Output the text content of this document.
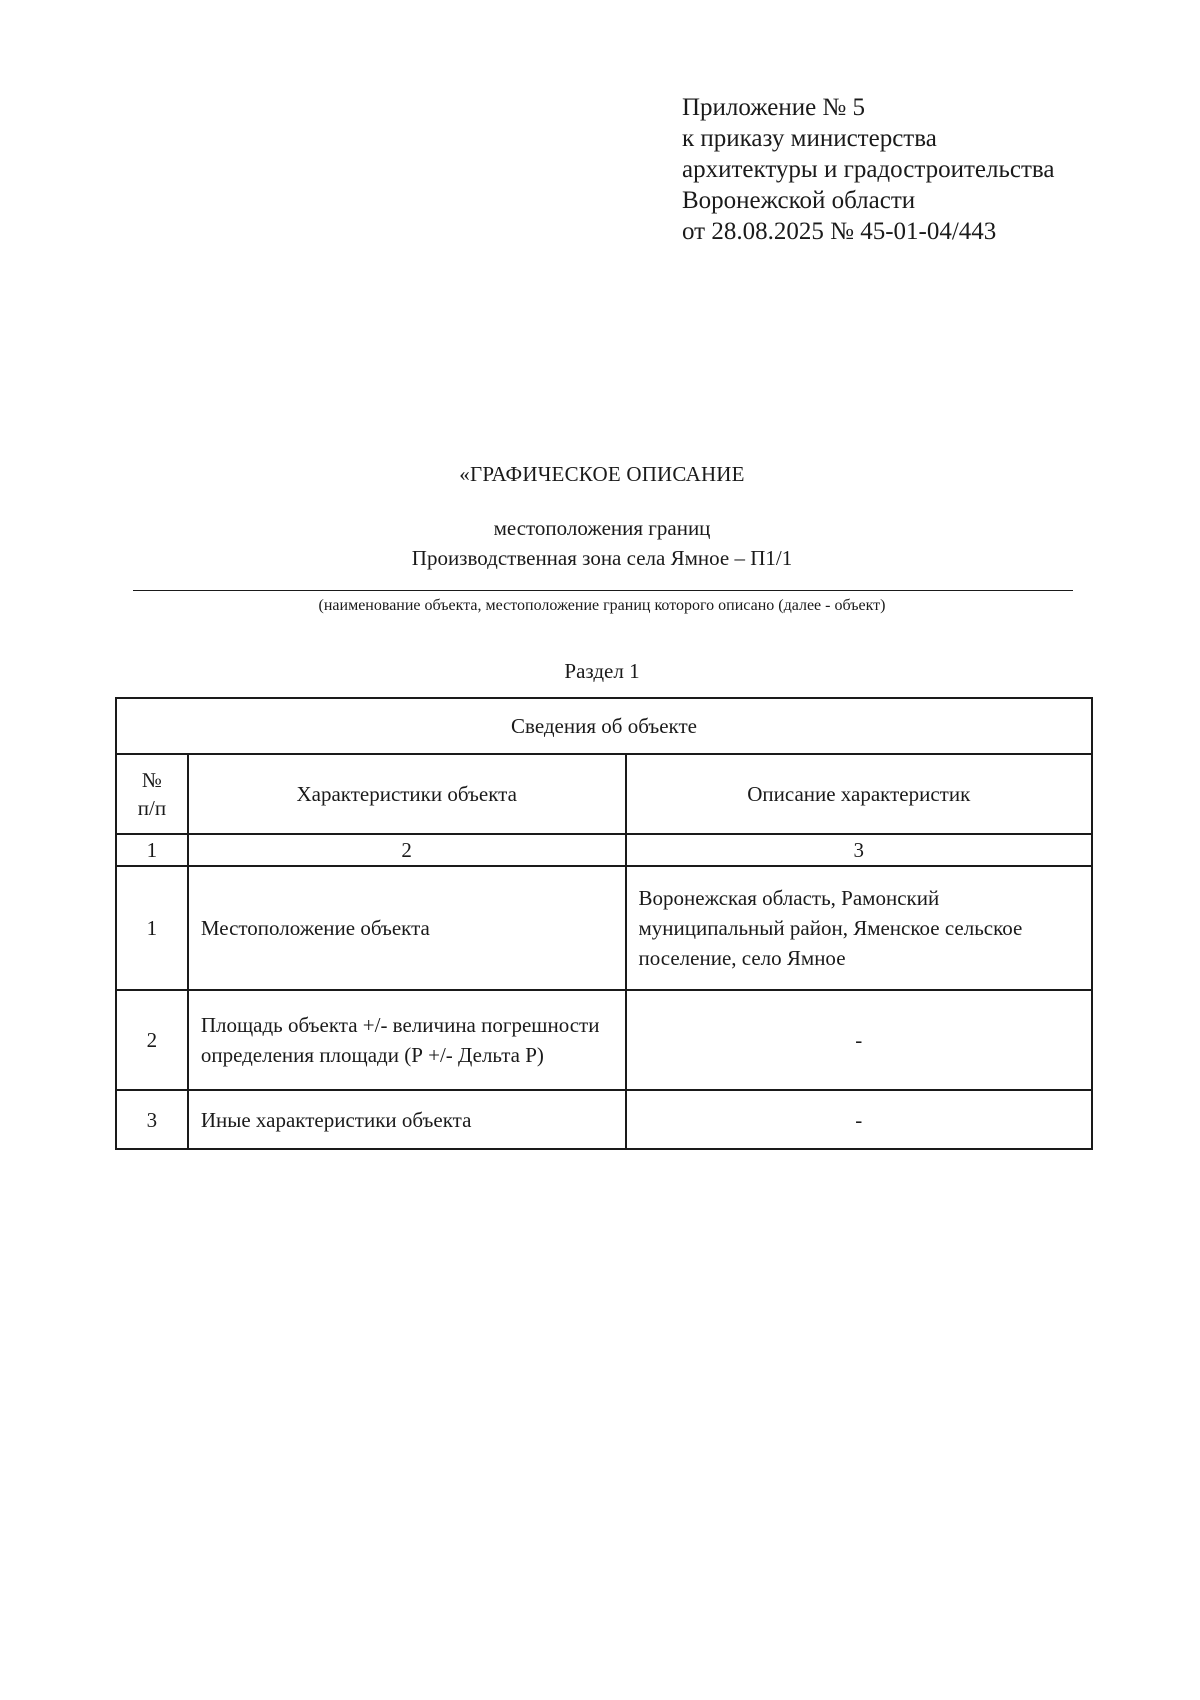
Приложение № 5
к приказу министерства
архитектуры и градостроительства
Воронежской области
от 28.08.2025 № 45-01-04/443
«ГРАФИЧЕСКОЕ ОПИСАНИЕ
местоположения границ
Производственная зона села Ямное – П1/1
(наименование объекта, местоположение границ которого описано (далее - объект)
Раздел 1
Сведения об объекте		
№
п/п	Характеристики объекта	Описание характеристик
1	2	3
1	Местоположение объекта	Воронежская область, Рамонский муниципальный район, Яменское сельское поселение, село Ямное
2	Площадь объекта +/- величина погрешности определения площади (Р +/- Дельта Р)	-
3	Иные характеристики объекта	-
